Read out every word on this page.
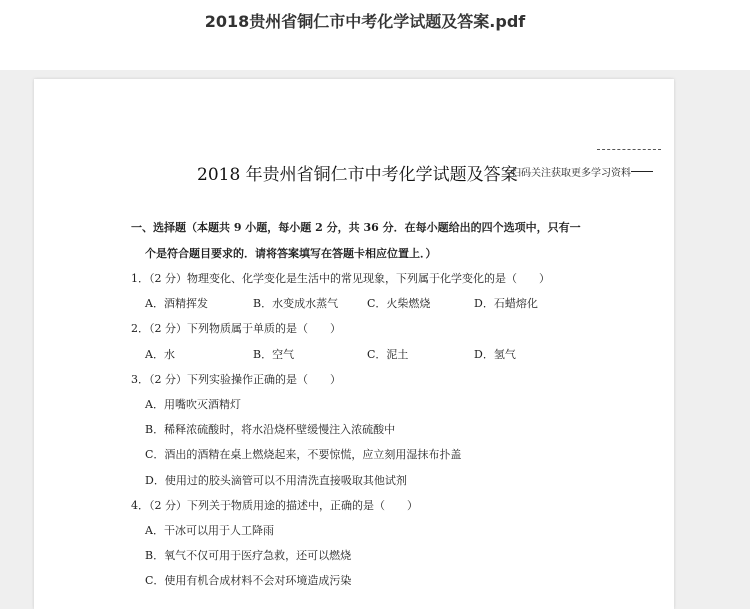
2018贵州省铜仁市中考化学试题及答案.pdf
2018 年贵州省铜仁市中考化学试题及答案
扫码关注获取更多学习资料
一、选择题（本题共 9 小题，每小题 2 分，共 36 分．在每小题给出的四个选项中，只有一
个是符合题目要求的．请将答案填写在答题卡相应位置上．）
1．（2 分）物理变化、化学变化是生活中的常见现象，下列属于化学变化的是（　　）
A．酒精挥发	B．水变成水蒸气	C．火柴燃烧	D．石蜡熔化
2．（2 分）下列物质属于单质的是（　　）
A．水	B．空气	C．泥土	D．氢气
3．（2 分）下列实验操作正确的是（　　）
A．用嘴吹灭酒精灯
B．稀释浓硫酸时，将水沿烧杯壁缓慢注入浓硫酸中
C．酒出的酒精在桌上燃烧起来，不要惊慌，应立刻用湿抹布扑盖
D．使用过的胶头滴管可以不用清洗直接吸取其他试剂
4．（2 分）下列关于物质用途的描述中，正确的是（　　）
A．干冰可以用于人工降雨
B．氧气不仅可用于医疗急救，还可以燃烧
C．使用有机合成材料不会对环境造成污染
